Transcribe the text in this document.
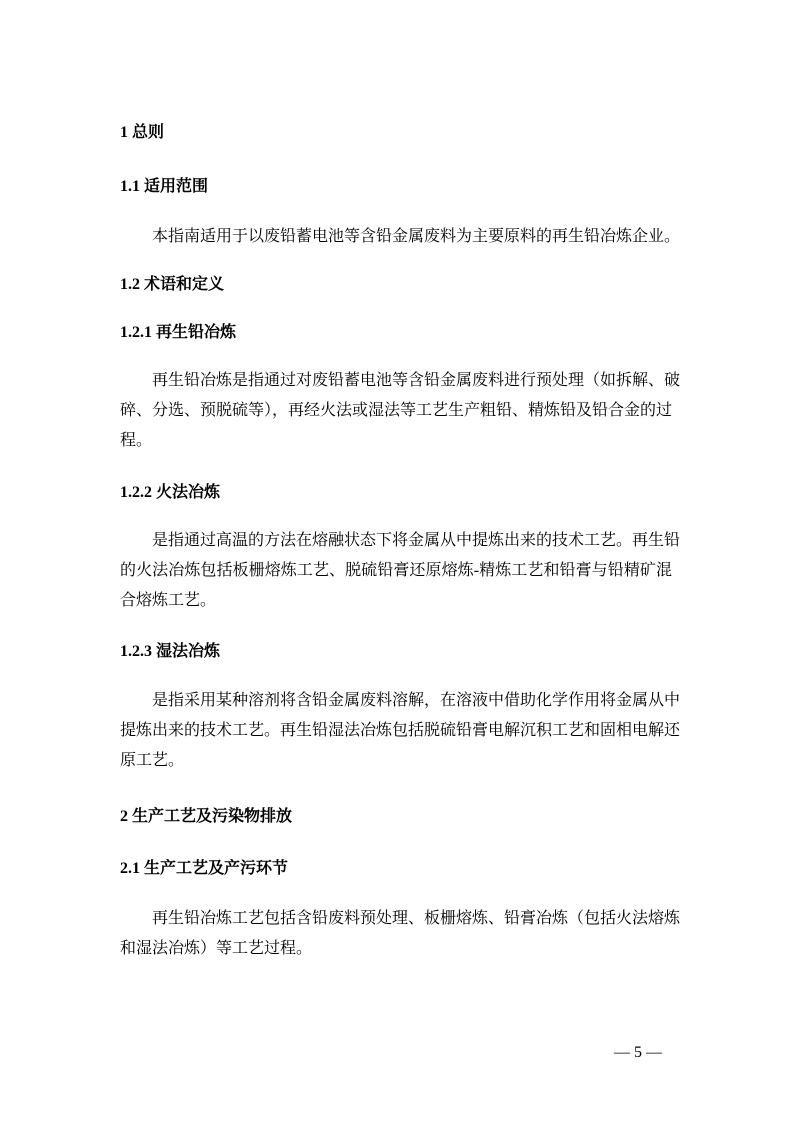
1 总则
1.1 适用范围
本指南适用于以废铅蓄电池等含铅金属废料为主要原料的再生铅冶炼企业。
1.2 术语和定义
1.2.1 再生铅冶炼
再生铅冶炼是指通过对废铅蓄电池等含铅金属废料进行预处理（如拆解、破
碎、分选、预脱硫等），再经火法或湿法等工艺生产粗铅、精炼铅及铅合金的过
程。
1.2.2 火法冶炼
是指通过高温的方法在熔融状态下将金属从中提炼出来的技术工艺。再生铅
的火法冶炼包括板栅熔炼工艺、脱硫铅膏还原熔炼-精炼工艺和铅膏与铅精矿混
合熔炼工艺。
1.2.3 湿法冶炼
是指采用某种溶剂将含铅金属废料溶解，在溶液中借助化学作用将金属从中
提炼出来的技术工艺。再生铅湿法冶炼包括脱硫铅膏电解沉积工艺和固相电解还
原工艺。
2 生产工艺及污染物排放
2.1 生产工艺及产污环节
再生铅冶炼工艺包括含铅废料预处理、板栅熔炼、铅膏冶炼（包括火法熔炼
和湿法冶炼）等工艺过程。
— 5 —
